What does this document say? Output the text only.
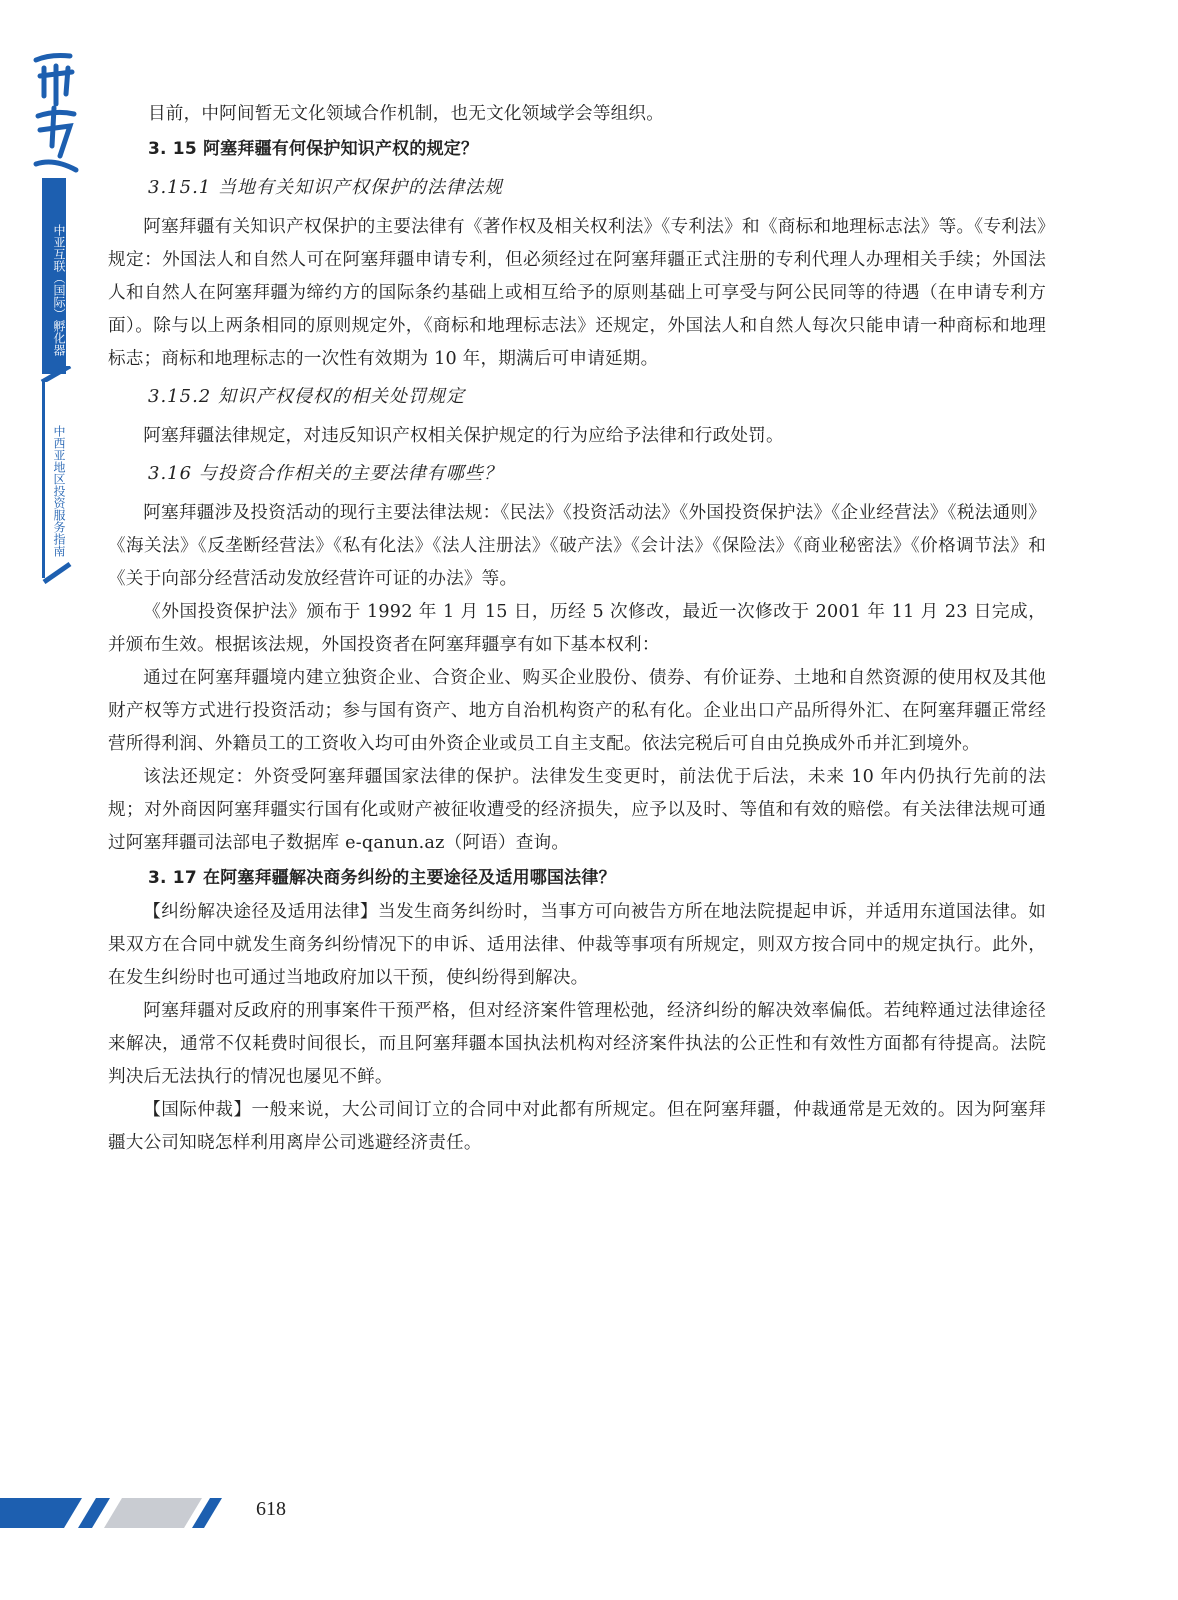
中亚互联（国际）孵化器
中西亚地区投资服务指南

目前，中阿间暂无文化领域合作机制，也无文化领域学会等组织。

3. 15 阿塞拜疆有何保护知识产权的规定？

3.15.1 当地有关知识产权保护的法律法规

阿塞拜疆有关知识产权保护的主要法律有《著作权及相关权利法》《专利法》和《商标和地理标志法》等。《专利法》规定：外国法人和自然人可在阿塞拜疆申请专利，但必须经过在阿塞拜疆正式注册的专利代理人办理相关手续；外国法人和自然人在阿塞拜疆为缔约方的国际条约基础上或相互给予的原则基础上可享受与阿公民同等的待遇（在申请专利方面）。除与以上两条相同的原则规定外，《商标和地理标志法》还规定，外国法人和自然人每次只能申请一种商标和地理标志；商标和地理标志的一次性有效期为 10 年，期满后可申请延期。

3.15.2 知识产权侵权的相关处罚规定

阿塞拜疆法律规定，对违反知识产权相关保护规定的行为应给予法律和行政处罚。

3.16 与投资合作相关的主要法律有哪些？

阿塞拜疆涉及投资活动的现行主要法律法规：《民法》《投资活动法》《外国投资保护法》《企业经营法》《税法通则》《海关法》《反垄断经营法》《私有化法》《法人注册法》《破产法》《会计法》《保险法》《商业秘密法》《价格调节法》和《关于向部分经营活动发放经营许可证的办法》等。

《外国投资保护法》颁布于 1992 年 1 月 15 日，历经 5 次修改，最近一次修改于 2001 年 11 月 23 日完成，并颁布生效。根据该法规，外国投资者在阿塞拜疆享有如下基本权利：

通过在阿塞拜疆境内建立独资企业、合资企业、购买企业股份、债券、有价证券、土地和自然资源的使用权及其他财产权等方式进行投资活动；参与国有资产、地方自治机构资产的私有化。企业出口产品所得外汇、在阿塞拜疆正常经营所得利润、外籍员工的工资收入均可由外资企业或员工自主支配。依法完税后可自由兑换成外币并汇到境外。

该法还规定：外资受阿塞拜疆国家法律的保护。法律发生变更时，前法优于后法，未来 10 年内仍执行先前的法规；对外商因阿塞拜疆实行国有化或财产被征收遭受的经济损失，应予以及时、等值和有效的赔偿。有关法律法规可通过阿塞拜疆司法部电子数据库 e-qanun.az（阿语）查询。

3. 17 在阿塞拜疆解决商务纠纷的主要途径及适用哪国法律？

【纠纷解决途径及适用法律】当发生商务纠纷时，当事方可向被告方所在地法院提起申诉，并适用东道国法律。如果双方在合同中就发生商务纠纷情况下的申诉、适用法律、仲裁等事项有所规定，则双方按合同中的规定执行。此外，在发生纠纷时也可通过当地政府加以干预，使纠纷得到解决。

阿塞拜疆对反政府的刑事案件干预严格，但对经济案件管理松弛，经济纠纷的解决效率偏低。若纯粹通过法律途径来解决，通常不仅耗费时间很长，而且阿塞拜疆本国执法机构对经济案件执法的公正性和有效性方面都有待提高。法院判决后无法执行的情况也屡见不鲜。

【国际仲裁】一般来说，大公司间订立的合同中对此都有所规定。但在阿塞拜疆，仲裁通常是无效的。因为阿塞拜疆大公司知晓怎样利用离岸公司逃避经济责任。

618
